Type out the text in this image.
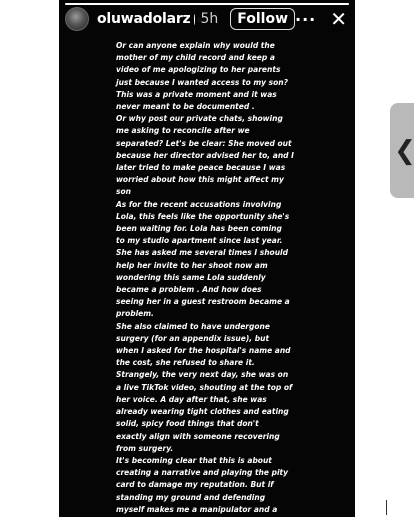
oluwadolarz 5h	Follow ··· ✕

Or can anyone explain why would the
mother of my child record and keep a
video of me apologizing to her parents
just because I wanted access to my son?
This was a private moment and it was
never meant to be documented .
Or why post our private chats, showing
me asking to reconcile after we
separated? Let's be clear: She moved out
because her director advised her to, and I
later tried to make peace because I was
worried about how this might affect my
son
As for the recent accusations involving
Lola, this feels like the opportunity she's
been waiting for. Lola has been coming
to my studio apartment since last year.
She has asked me several times I should
help her invite to her shoot now am
wondering this same Lola suddenly
became a problem . And how does
seeing her in a guest restroom became a
problem.
She also claimed to have undergone
surgery (for an appendix issue), but
when I asked for the hospital's name and
the cost, she refused to share it.
Strangely, the very next day, she was on
a live TikTok video, shouting at the top of
her voice. A day after that, she was
already wearing tight clothes and eating
solid, spicy food things that don't
exactly align with someone recovering
from surgery.
It's becoming clear that this is about
creating a narrative and playing the pity
card to damage my reputation. But if
standing my ground and defending
myself makes me a manipulator and a
narcissist in some people's eyes, so be it.

❮
